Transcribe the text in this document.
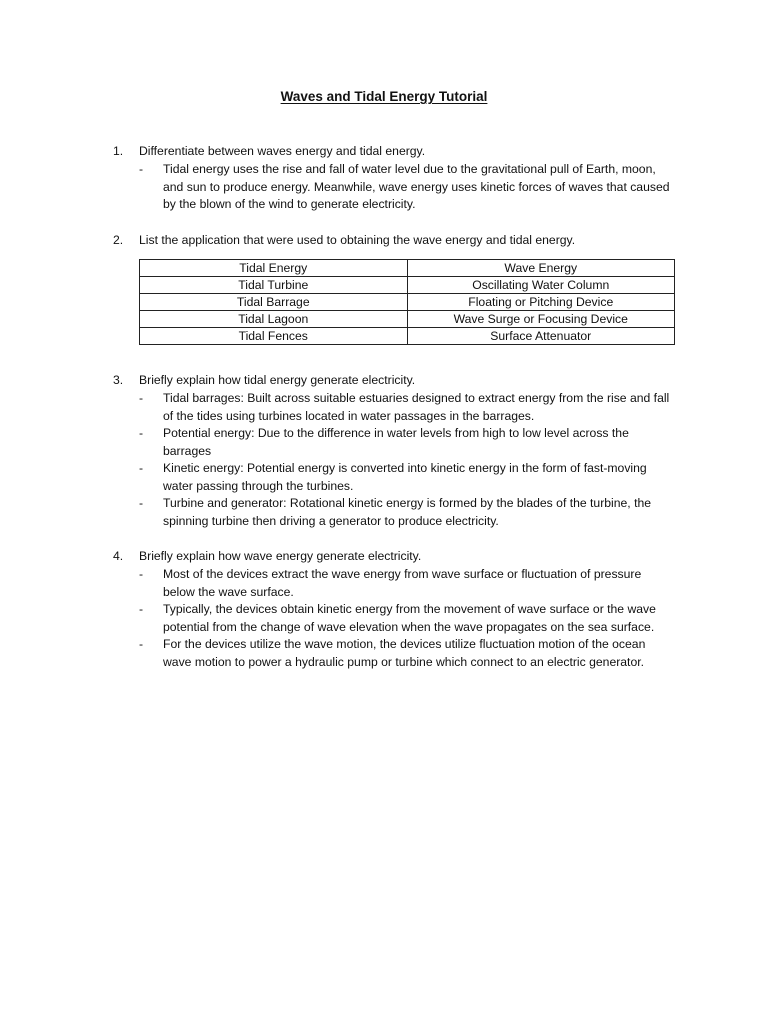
Waves and Tidal Energy Tutorial
1. Differentiate between waves energy and tidal energy.
- Tidal energy uses the rise and fall of water level due to the gravitational pull of Earth, moon, and sun to produce energy. Meanwhile, wave energy uses kinetic forces of waves that caused by the blown of the wind to generate electricity.
2. List the application that were used to obtaining the wave energy and tidal energy.
Tidal Energy	Wave Energy
Tidal Turbine	Oscillating Water Column
Tidal Barrage	Floating or Pitching Device
Tidal Lagoon	Wave Surge or Focusing Device
Tidal Fences	Surface Attenuator
3. Briefly explain how tidal energy generate electricity.
- Tidal barrages: Built across suitable estuaries designed to extract energy from the rise and fall of the tides using turbines located in water passages in the barrages.
- Potential energy: Due to the difference in water levels from high to low level across the barrages
- Kinetic energy: Potential energy is converted into kinetic energy in the form of fast-moving water passing through the turbines.
- Turbine and generator: Rotational kinetic energy is formed by the blades of the turbine, the spinning turbine then driving a generator to produce electricity.
4. Briefly explain how wave energy generate electricity.
- Most of the devices extract the wave energy from wave surface or fluctuation of pressure below the wave surface.
- Typically, the devices obtain kinetic energy from the movement of wave surface or the wave potential from the change of wave elevation when the wave propagates on the sea surface.
- For the devices utilize the wave motion, the devices utilize fluctuation motion of the ocean wave motion to power a hydraulic pump or turbine which connect to an electric generator.
